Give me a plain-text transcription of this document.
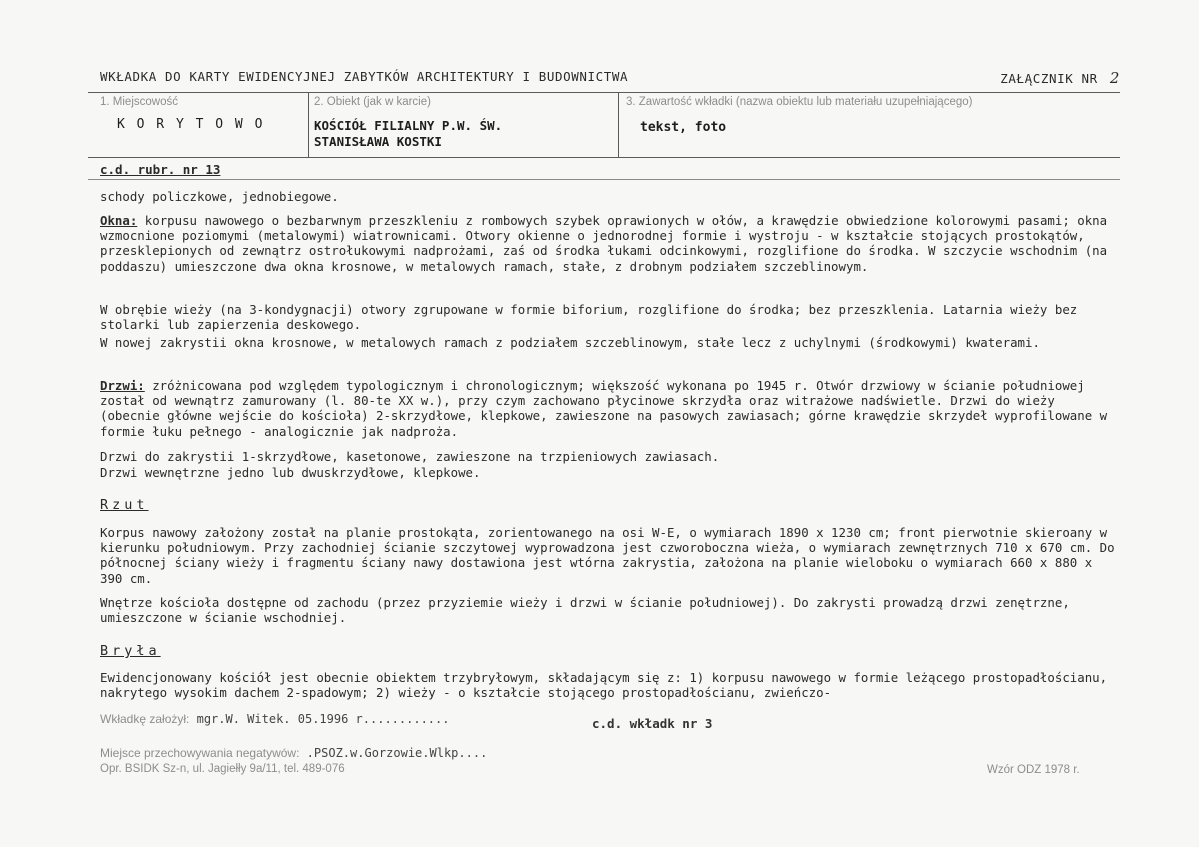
WKŁADKA DO KARTY EWIDENCYJNEJ ZABYTKÓW ARCHITEKTURY I BUDOWNICTWA	ZAŁĄCZNIK NR 2
1. Miejscowość
K O R Y T O W O
2. Obiekt (jak w karcie)
KOŚCIÓŁ FILIALNY P.W. ŚW.
STANISŁAWA KOSTKI
3. Zawartość wkładki (nazwa obiektu lub materiału uzupełniającego)
tekst, foto
c.d. rubr. nr 13

schody policzkowe, jednobiegowe.

Okna: korpusu nawowego o bezbarwnym przeszkleniu z rombowych szybek oprawionych w ołów, a krawędzie obwiedzione kolorowymi pasami; okna wzmocnione poziomymi (metalowymi) wiatrownicami. Otwory okienne o jednorodnej formie i wystroju - w kształcie stojących prostokątów, przesklepionych od zewnątrz ostrołukowymi nadprożami, zaś od środka łukami odcinkowymi, rozglifione do środka. W szczycie wschodnim (na poddaszu) umieszczone dwa okna krosnowe, w metalowych ramach, stałe, z drobnym podziałem szczeblinowym.

W obrębie wieży (na 3-kondygnacji) otwory zgrupowane w formie biforium, rozglifione do środka; bez przeszklenia. Latarnia wieży bez stolarki lub zapierzenia deskowego.

W nowej zakrystii okna krosnowe, w metalowych ramach z podziałem szczeblinowym, stałe lecz z uchylnymi (środkowymi) kwaterami.

Drzwi: zróżnicowana pod względem typologicznym i chronologicznym; większość wykonana po 1945 r. Otwór drzwiowy w ścianie południowej został od wewnątrz zamurowany (l. 80-te XX w.), przy czym zachowano płycinowe skrzydła oraz witrażowe nadświetle. Drzwi do wieży (obecnie główne wejście do kościoła) 2-skrzydłowe, klepkowe, zawieszone na pasowych zawiasach; górne krawędzie skrzydeł wyprofilowane w formie łuku pełnego - analogicznie jak nadproża.

Drzwi do zakrystii 1-skrzydłowe, kasetonowe, zawieszone na trzpieniowych zawiasach.

Drzwi wewnętrzne jedno lub dwuskrzydłowe, klepkowe.

Rzut

Korpus nawowy założony został na planie prostokąta, zorientowanego na osi W-E, o wymiarach 1890 x 1230 cm; front pierwotnie skieroany w kierunku południowym. Przy zachodniej ścianie szczytowej wyprowadzona jest czworoboczna wieża, o wymiarach zewnętrznych 710 x 670 cm. Do północnej ściany wieży i fragmentu ściany nawy dostawiona jest wtórna zakrystia, założona na planie wieloboku o wymiarach 660 x 880 x 390 cm.

Wnętrze kościoła dostępne od zachodu (przez przyziemie wieży i drzwi w ścianie południowej). Do zakrysti prowadzą drzwi zenętrzne, umieszczone w ścianie wschodniej.

Bryła

Ewidencjonowany kościół jest obecnie obiektem trzybryłowym, składającym się z: 1) korpusu nawowego w formie leżącego prostopadłościanu, nakrytego wysokim dachem 2-spadowym; 2) wieży - o kształcie stojącego prostopadłościanu, zwieńczo-

Wkładkę założył: mgr.W. Witek. 05.1996 r............	c.d. wkładk nr 3
Miejsce przechowywania negatywów: .PSOZ.w.Gorzowie.Wlkp....
Opr. BSIDK Sz-n, ul. Jagiełły 9a/11, tel. 489-076	Wzór ODZ 1978 r.
